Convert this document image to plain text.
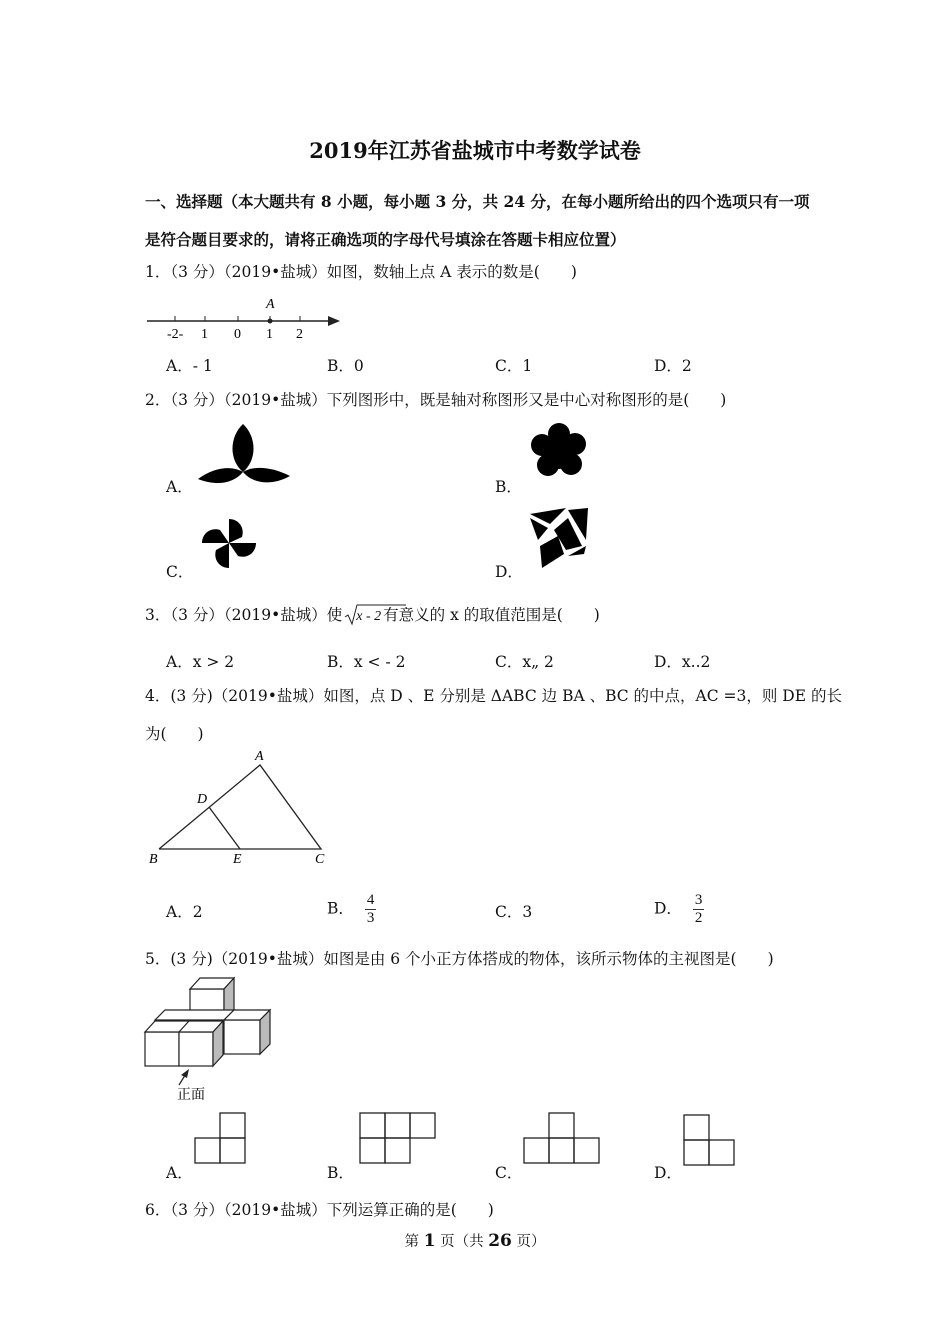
2019年江苏省盐城市中考数学试卷
一、选择题（本大题共有 8 小题，每小题 3 分，共 24 分，在每小题所给出的四个选项只有一项
是符合题目要求的，请将正确选项的字母代号填涂在答题卡相应位置）
1．（3 分）（2019•盐城）如图，数轴上点 A 表示的数是(　　)
A
-2- 1 0 1 2
A．- 1	B．0	C．1	D．2
2．（3 分）（2019•盐城）下列图形中，既是轴对称图形又是中心对称图形的是(　　)
A．	B．
C．	D．
3．（3 分）（2019•盐城）使 x - 2 有意义的 x 的取值范围是(　　)
A．x > 2	B．x < - 2	C．x„ 2	D．x..2
4．(3 分)（2019•盐城）如图，点 D 、E 分别是 ΔABC 边 BA 、BC 的中点，AC =3，则 DE 的长
为(　　)
A
D
B	E	C
A．2	B． $\frac{4}{3}$	C．3	D． $\frac{3}{2}$
5．(3 分)（2019•盐城）如图是由 6 个小正方体搭成的物体，该所示物体的主视图是(　　)
正面
A．	B．	C．	D．
6．（3 分）（2019•盐城）下列运算正确的是(　　)
第 1 页（共 26 页）
